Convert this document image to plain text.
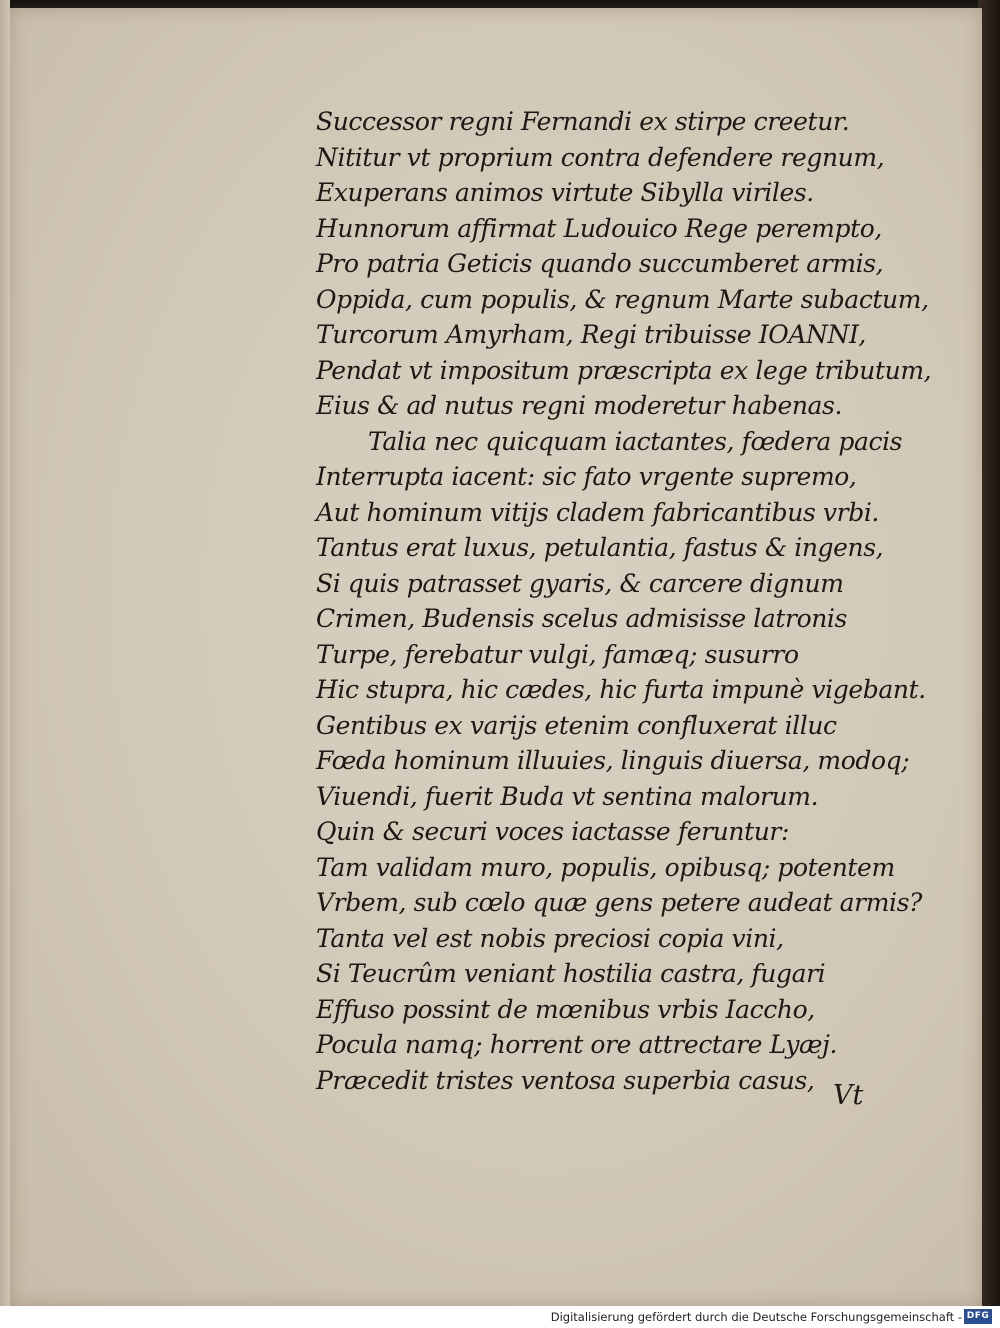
Successor regni Fernandi ex stirpe creetur.
Nititur vt proprium contra defendere regnum,
Exuperans animos virtute Sibylla viriles.
Hunnorum affirmat Ludouico Rege perempto,
Pro patria Geticis quando succumberet armis,
Oppida, cum populis, & regnum Marte subactum,
Turcorum Amyrham, Regi tribuisse IOANNI,
Pendat vt impositum præscripta ex lege tributum,
Eius & ad nutus regni moderetur habenas.
Talia nec quicquam iactantes, fœdera pacis
Interrupta iacent: sic fato vrgente supremo,
Aut hominum vitijs cladem fabricantibus vrbi.
Tantus erat luxus, petulantia, fastus & ingens,
Si quis patrasset gyaris, & carcere dignum
Crimen, Budensis scelus admisisse latronis
Turpe, ferebatur vulgi, famæq; susurro
Hic stupra, hic cædes, hic furta impunè vigebant.
Gentibus ex varijs etenim confluxerat illuc
Fœda hominum illuuies, linguis diuersa, modoq;
Viuendi, fuerit Buda vt sentina malorum.
Quin & securi voces iactasse feruntur:
Tam validam muro, populis, opibusq; potentem
Vrbem, sub cœlo quæ gens petere audeat armis?
Tanta vel est nobis preciosi copia vini,
Si Teucrûm veniant hostilia castra, fugari
Effuso possint de mœnibus vrbis Iaccho,
Pocula namq; horrent ore attrectare Lyæj.
Præcedit tristes ventosa superbia casus, Vt
Digitalisierung gefördert durch die Deutsche Forschungsgemeinschaft - DFG
